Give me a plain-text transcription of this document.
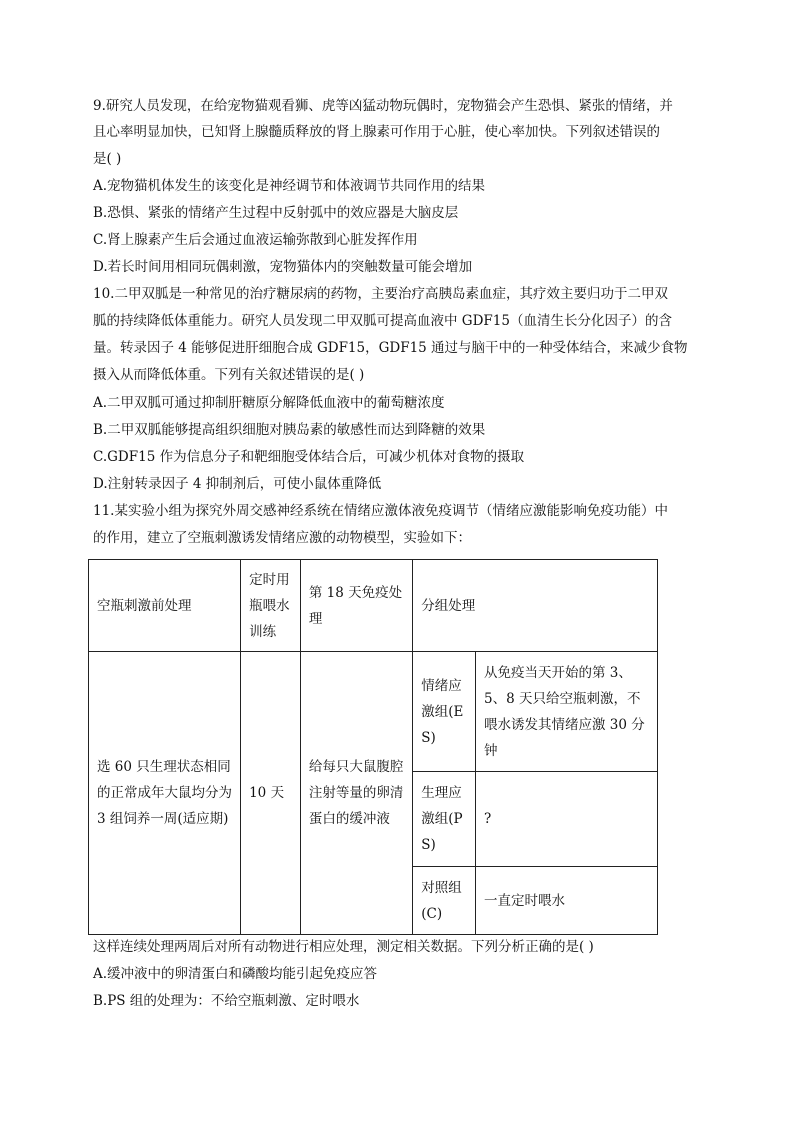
9.研究人员发现，在给宠物猫观看狮、虎等凶猛动物玩偶时，宠物猫会产生恐惧、紧张的情绪，并
且心率明显加快，已知肾上腺髓质释放的肾上腺素可作用于心脏，使心率加快。下列叙述错误的
是( )
A.宠物猫机体发生的该变化是神经调节和体液调节共同作用的结果
B.恐惧、紧张的情绪产生过程中反射弧中的效应器是大脑皮层
C.肾上腺素产生后会通过血液运输弥散到心脏发挥作用
D.若长时间用相同玩偶刺激，宠物猫体内的突触数量可能会增加
10.二甲双胍是一种常见的治疗糖尿病的药物，主要治疗高胰岛素血症，其疗效主要归功于二甲双
胍的持续降低体重能力。研究人员发现二甲双胍可提高血液中 GDF15（血清生长分化因子）的含
量。转录因子 4 能够促进肝细胞合成 GDF15，GDF15 通过与脑干中的一种受体结合，来减少食物
摄入从而降低体重。下列有关叙述错误的是( )
A.二甲双胍可通过抑制肝糖原分解降低血液中的葡萄糖浓度
B.二甲双胍能够提高组织细胞对胰岛素的敏感性而达到降糖的效果
C.GDF15 作为信息分子和靶细胞受体结合后，可减少机体对食物的摄取
D.注射转录因子 4 抑制剂后，可使小鼠体重降低
11.某实验小组为探究外周交感神经系统在情绪应激体液免疫调节（情绪应激能影响免疫功能）中
的作用，建立了空瓶刺激诱发情绪应激的动物模型，实验如下：
空瓶刺激前处理	定时用瓶喂水训练	第 18 天免疫处理	分组处理	
选 60 只生理状态相同的正常成年大鼠均分为 3 组饲养一周(适应期)	10 天	给每只大鼠腹腔注射等量的卵清蛋白的缓冲液	情绪应激组(ES)	从免疫当天开始的第 3、5、8 天只给空瓶刺激，不喂水诱发其情绪应激 30 分钟
			生理应激组(PS)	?
			对照组(C)	一直定时喂水
这样连续处理两周后对所有动物进行相应处理，测定相关数据。下列分析正确的是( )
A.缓冲液中的卵清蛋白和磷酸均能引起免疫应答
B.PS 组的处理为：不给空瓶刺激、定时喂水
